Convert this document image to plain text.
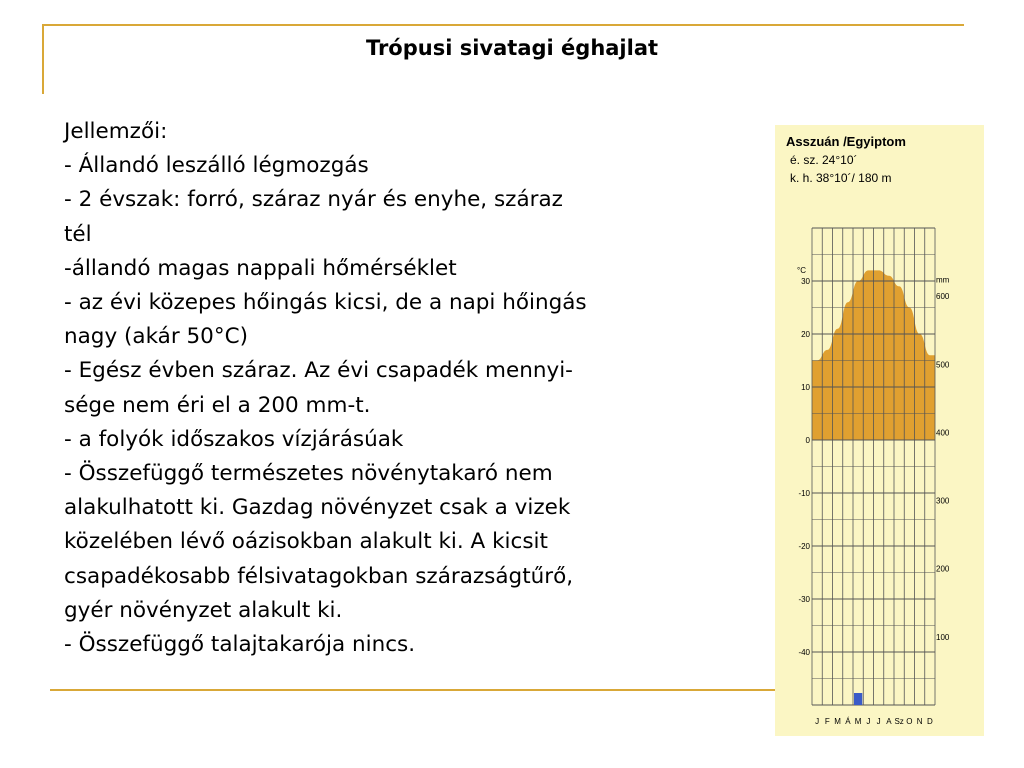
Trópusi sivatagi éghajlat
Jellemzői:
- Állandó leszálló légmozgás
- 2 évszak: forró, száraz nyár és enyhe, száraz
tél
-állandó magas nappali hőmérséklet
- az évi közepes hőingás kicsi, de a napi hőingás
nagy (akár 50°C)
- Egész évben száraz. Az évi csapadék mennyi-
sége nem éri el a 200 mm-t.
- a folyók időszakos vízjárásúak
- Összefüggő természetes növénytakaró nem
alakulhatott ki. Gazdag növényzet csak a vizek
közelében lévő oázisokban alakult ki. A kicsit
csapadékosabb félsivatagokban szárazságtűrő,
gyér növényzet alakult ki.
- Összefüggő talajtakarója nincs.
Asszuán /Egyiptom
é. sz. 24°10´
k. h. 38°10´/ 180 m
°C
30
20
10
0
-10
-20
-30
-40
mm
600
500
400
300
200
100
J F M Á M J J A Sz O N D
